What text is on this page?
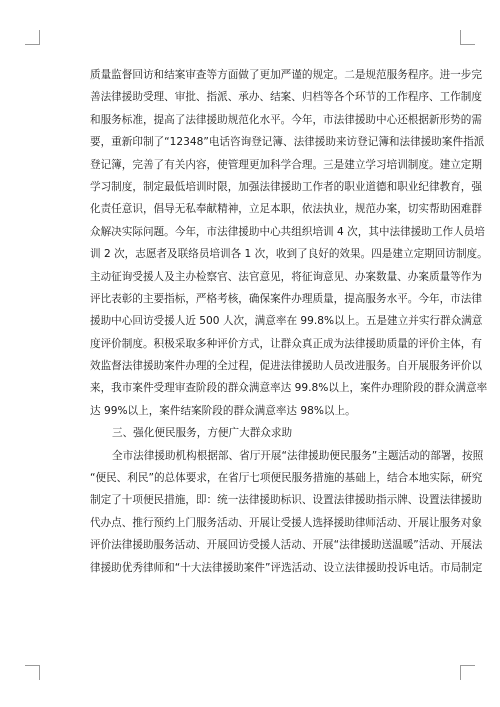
质量监督回访和结案审查等方面做了更加严谨的规定。二是规范服务程序。进一步完
善法律援助受理、审批、指派、承办、结案、归档等各个环节的工作程序、工作制度
和服务标准，提高了法律援助规范化水平。今年，市法律援助中心还根据新形势的需
要，重新印制了“12348”电话咨询登记簿、法律援助来访登记簿和法律援助案件指派
登记簿，完善了有关内容，使管理更加科学合理。三是建立学习培训制度。建立定期
学习制度，制定最低培训时限，加强法律援助工作者的职业道德和职业纪律教育，强
化责任意识，倡导无私奉献精神，立足本职，依法执业，规范办案，切实帮助困难群
众解决实际问题。今年，市法律援助中心共组织培训 4 次，其中法律援助工作人员培
训 2 次，志愿者及联络员培训各 1 次，收到了良好的效果。四是建立定期回访制度。
主动征询受援人及主办检察官、法官意见，将征询意见、办案数量、办案质量等作为
评比表彰的主要指标，严格考核，确保案件办理质量，提高服务水平。今年，市法律
援助中心回访受援人近 500 人次，满意率在 99.8%以上。五是建立并实行群众满意
度评价制度。积极采取多种评价方式，让群众真正成为法律援助质量的评价主体，有
效监督法律援助案件办理的全过程，促进法律援助人员改进服务。自开展服务评价以
来，我市案件受理审查阶段的群众满意率达 99.8%以上，案件办理阶段的群众满意率
达 99%以上，案件结案阶段的群众满意率达 98%以上。
三、强化便民服务，方便广大群众求助
全市法律援助机构根据部、省厅开展“法律援助便民服务”主题活动的部署，按照
“便民、利民”的总体要求，在省厅七项便民服务措施的基础上，结合本地实际，研究
制定了十项便民措施，即：统一法律援助标识、设置法律援助指示牌、设置法律援助
代办点、推行预约上门服务活动、开展让受援人选择援助律师活动、开展让服务对象
评价法律援助服务活动、开展回访受援人活动、开展“法律援助送温暖”活动、开展法
律援助优秀律师和“十大法律援助案件”评选活动、设立法律援助投诉电话。市局制定
